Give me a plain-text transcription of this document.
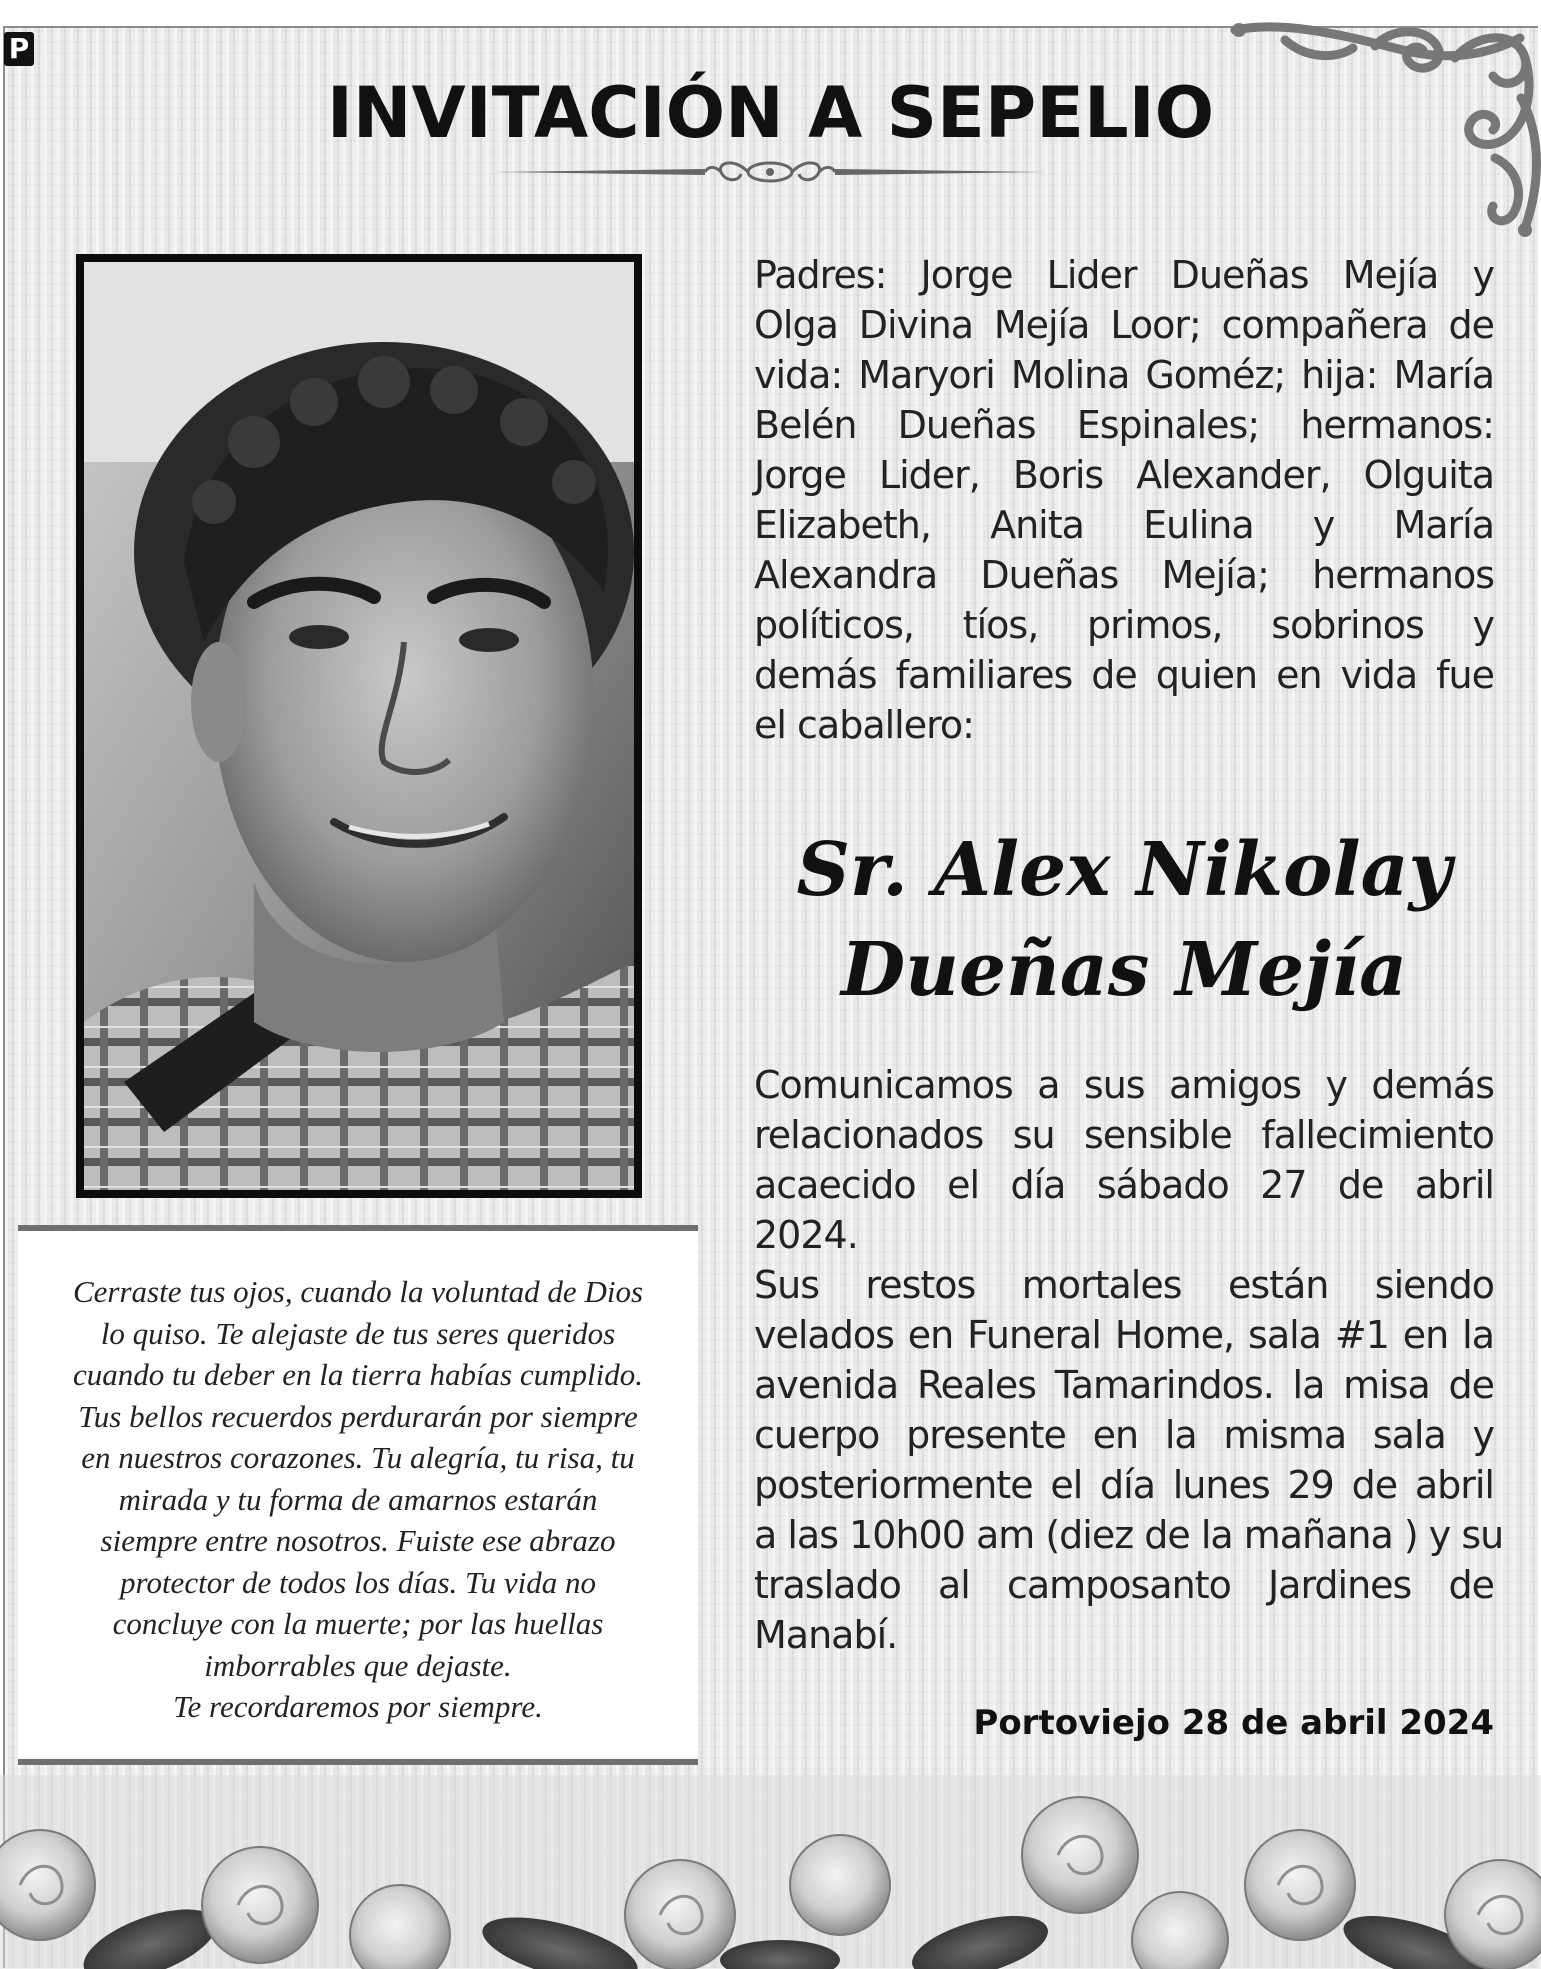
P
INVITACIÓN A SEPELIO
Cerraste tus ojos, cuando la voluntad de Dios
lo quiso. Te alejaste de tus seres queridos
cuando tu deber en la tierra habías cumplido.
Tus bellos recuerdos perdurarán por siempre
en nuestros corazones. Tu alegría, tu risa, tu
mirada y tu forma de amarnos estarán
siempre entre nosotros. Fuiste ese abrazo
protector de todos los días. Tu vida no
concluye con la muerte; por las huellas
imborrables que dejaste.
Te recordaremos por siempre.
Padres: Jorge Lider Dueñas Mejía y
Olga Divina Mejía Loor; compañera de
vida: Maryori Molina Goméz; hija: María
Belén Dueñas Espinales; hermanos:
Jorge Lider, Boris Alexander, Olguita
Elizabeth, Anita Eulina y María
Alexandra Dueñas Mejía; hermanos
políticos, tíos, primos, sobrinos y
demás familiares de quien en vida fue
el caballero:
Sr. Alex Nikolay
Dueñas Mejía
Comunicamos a sus amigos y demás
relacionados su sensible fallecimiento
acaecido el día sábado 27 de abril
2024.
Sus restos mortales están siendo
velados en Funeral Home, sala #1 en la
avenida Reales Tamarindos. la misa de
cuerpo presente en la misma sala y
posteriormente el día lunes 29 de abril
a las 10h00 am (diez de la mañana ) y su
traslado al camposanto Jardines de
Manabí.
Portoviejo 28 de abril 2024
